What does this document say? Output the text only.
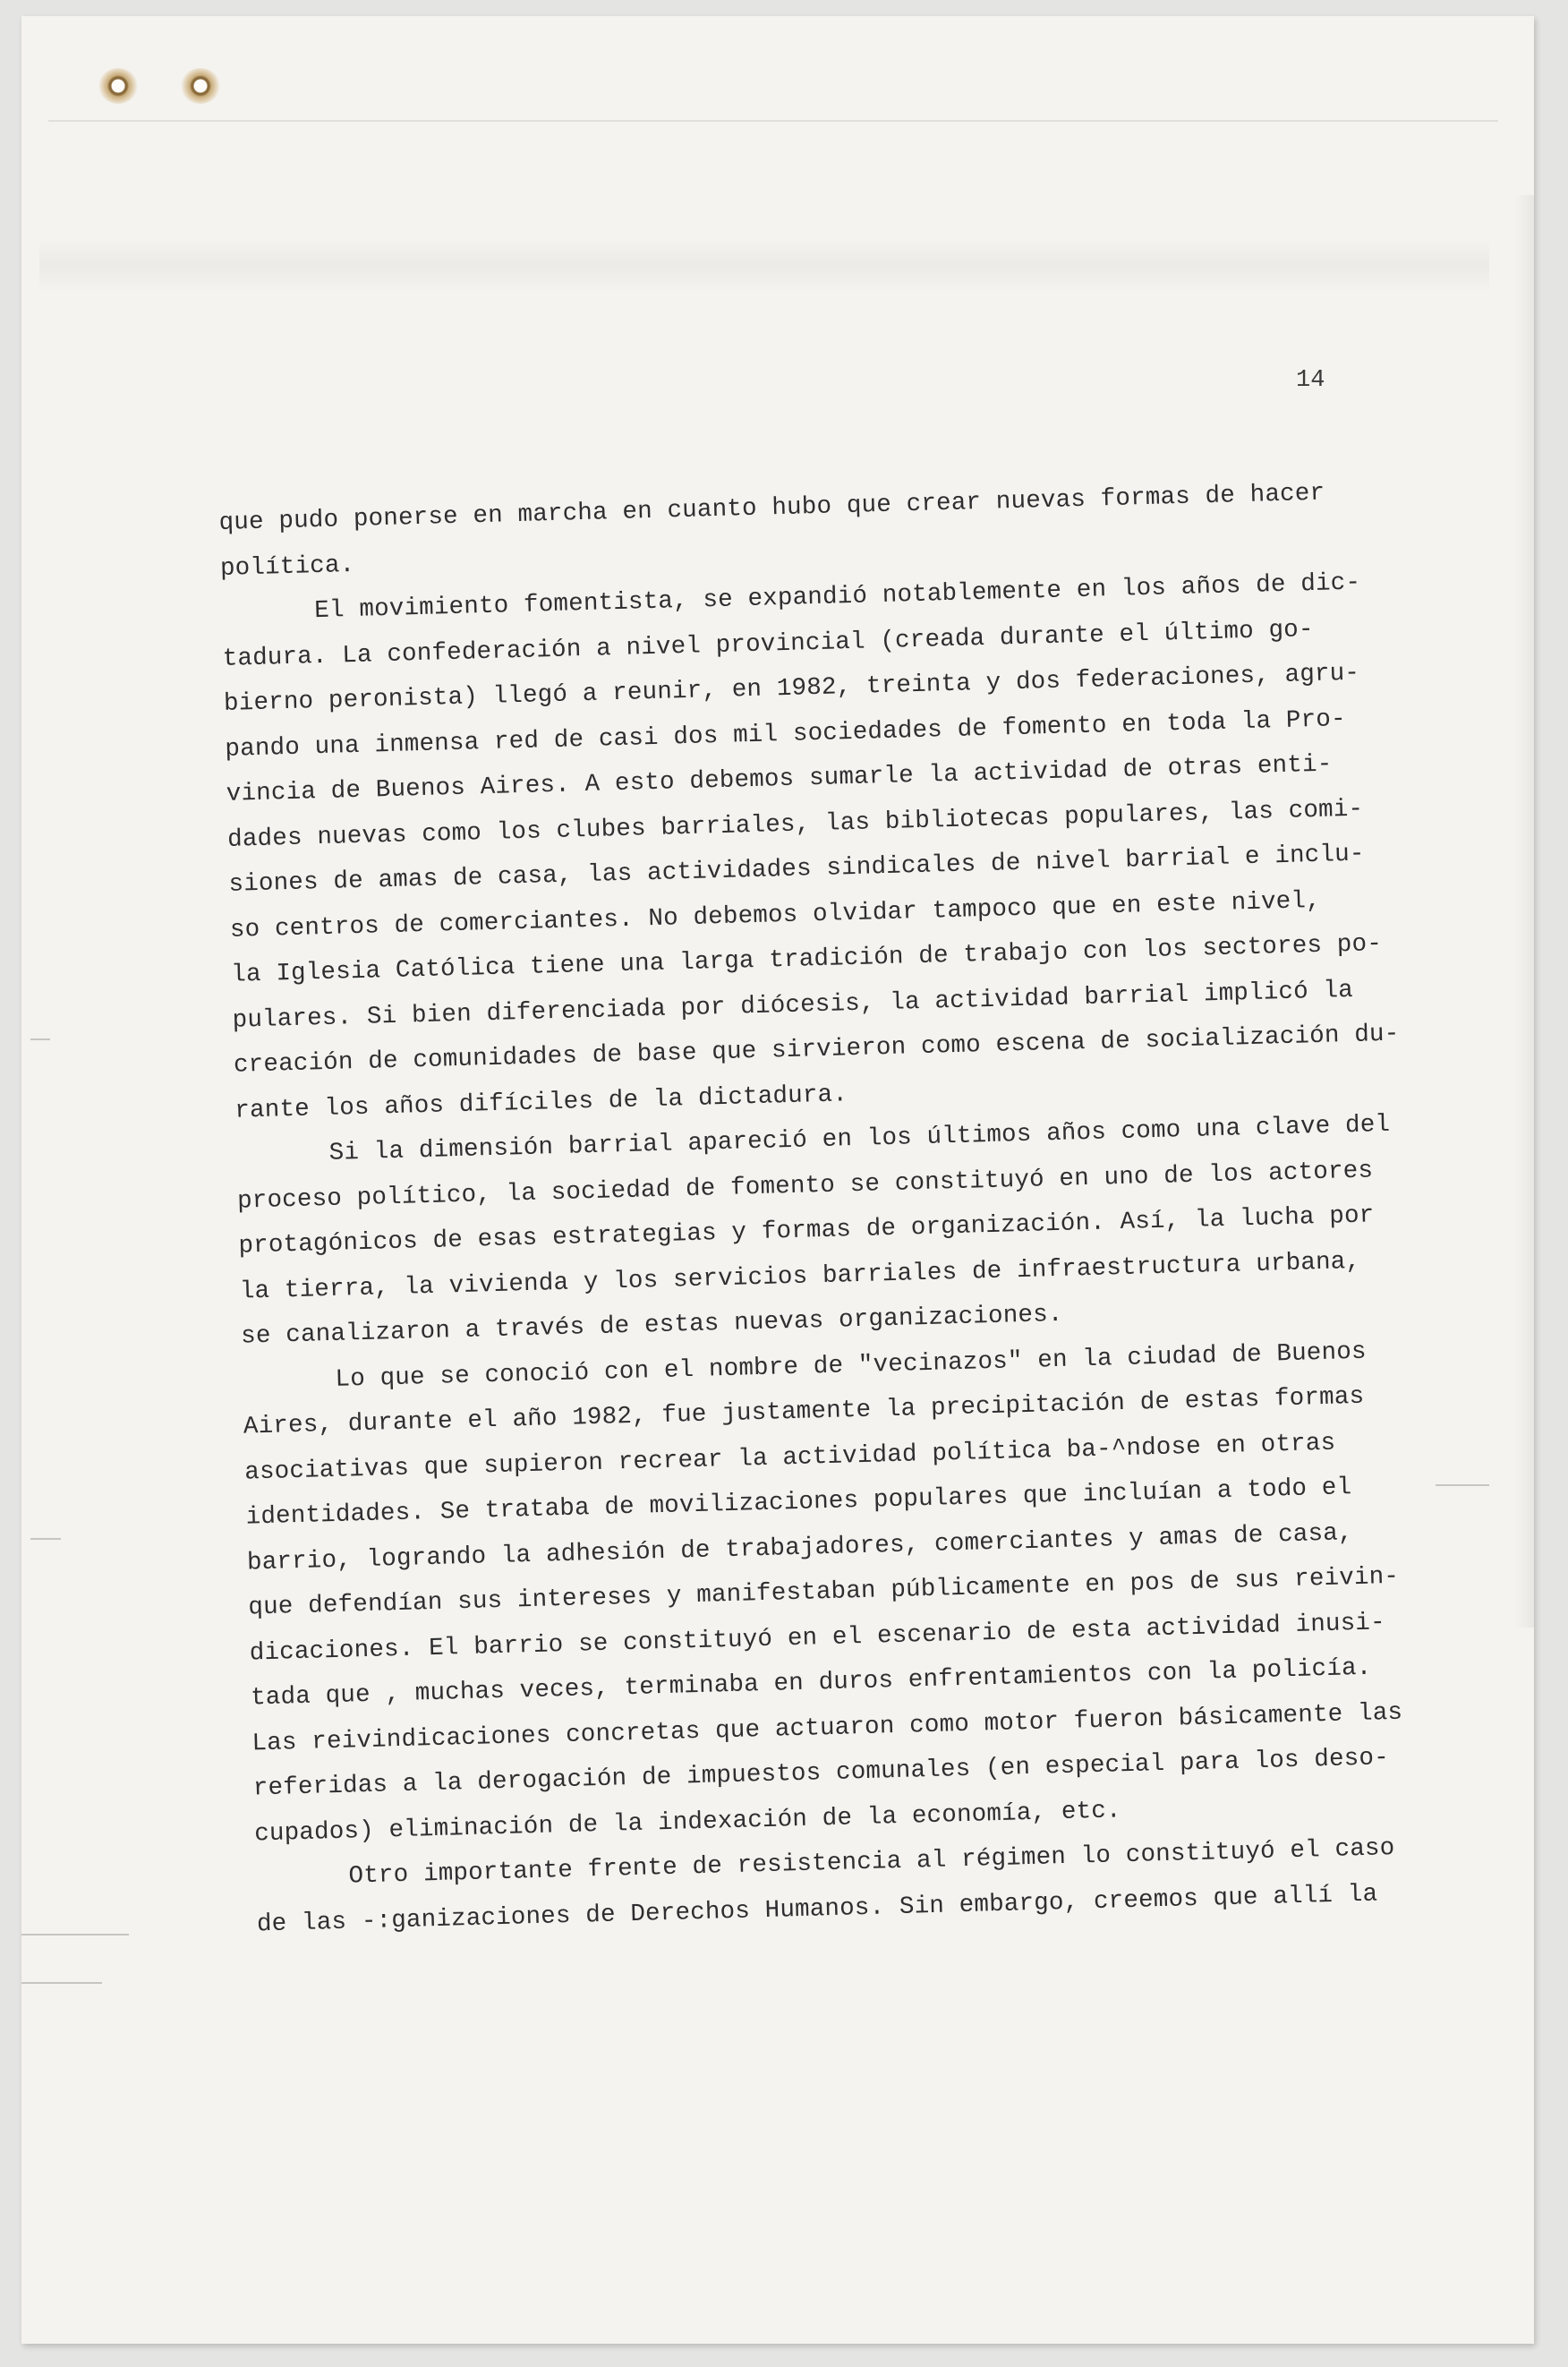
14
que pudo ponerse en marcha en cuanto hubo que crear nuevas formas de hacer
política.
El movimiento fomentista, se expandió notablemente en los años de dic-
tadura. La confederación a nivel provincial (creada durante el último go-
bierno peronista) llegó a reunir, en 1982, treinta y dos federaciones, agru-
pando una inmensa red de casi dos mil sociedades de fomento en toda la Pro-
vincia de Buenos Aires. A esto debemos sumarle la actividad de otras enti-
dades nuevas como los clubes barriales, las bibliotecas populares, las comi-
siones de amas de casa, las actividades sindicales de nivel barrial e inclu-
so centros de comerciantes. No debemos olvidar tampoco que en este nivel,
la Iglesia Católica tiene una larga tradición de trabajo con los sectores po-
pulares. Si bien diferenciada por diócesis, la actividad barrial implicó la
creación de comunidades de base que sirvieron como escena de socialización du-
rante los años difíciles de la dictadura.
Si la dimensión barrial apareció en los últimos años como una clave del
proceso político, la sociedad de fomento se constituyó en uno de los actores
protagónicos de esas estrategias y formas de organización. Así, la lucha por
la tierra, la vivienda y los servicios barriales de infraestructura urbana,
se canalizaron a través de estas nuevas organizaciones.
Lo que se conoció con el nombre de "vecinazos" en la ciudad de Buenos
Aires, durante el año 1982, fue justamente la precipitación de estas formas
asociativas que supieron recrear la actividad política ba-^ndose en otras
identidades. Se trataba de movilizaciones populares que incluían a todo el
barrio, logrando la adhesión de trabajadores, comerciantes y amas de casa,
que defendían sus intereses y manifestaban públicamente en pos de sus reivin-
dicaciones. El barrio se constituyó en el escenario de esta actividad inusi-
tada que , muchas veces, terminaba en duros enfrentamientos con la policía.
Las reivindicaciones concretas que actuaron como motor fueron básicamente las
referidas a la derogación de impuestos comunales (en especial para los deso-
cupados) eliminación de la indexación de la economía, etc.
Otro importante frente de resistencia al régimen lo constituyó el caso
de las -:ganizaciones de Derechos Humanos. Sin embargo, creemos que allí la
